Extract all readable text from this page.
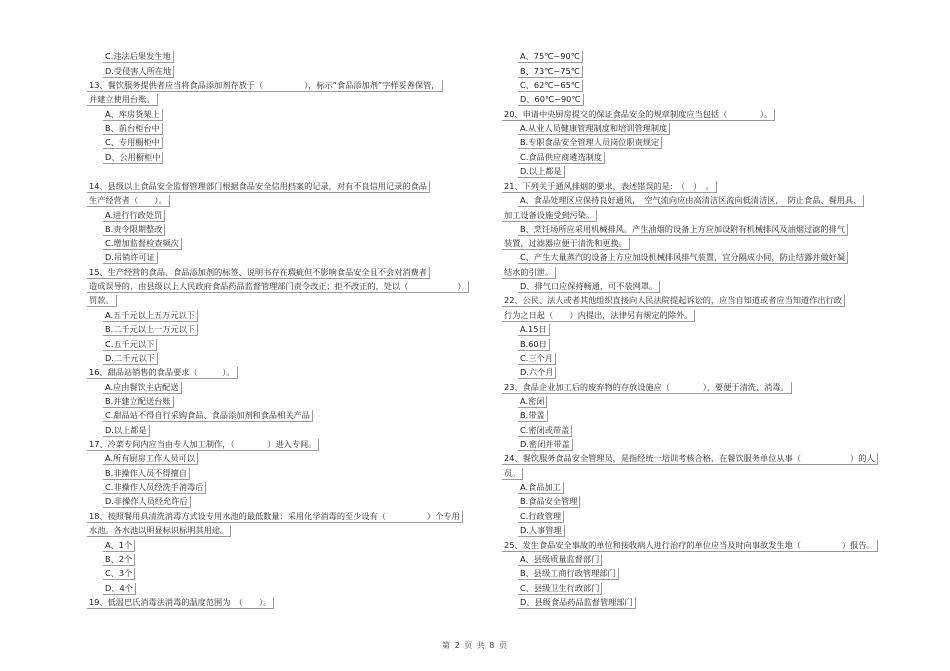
C.违法后果发生地
D.受侵害人所在地
13、餐饮服务提供者应当将食品添加剂存放于（　　　　　），标示“食品添加剂”字样妥善保管，
并建立使用台账。
A、库房货架上
B、前台柜台中
C、专用橱柜中
D、公用橱柜中
14、县级以上食品安全监督管理部门根据食品安全信用档案的记录，对有不良信用记录的食品
生产经营者（　　）。
A.进行行政处罚
B.责令限期整改
C.增加监督检查频次
D.吊销许可证
15、生产经营的食品、食品添加剂的标签、说明书存在瑕疵但不影响食品安全且不会对消费者
造成误导的，由县级以上人民政府食品药品监督管理部门责令改正；拒不改正的，处以（　　　　　　）
罚款。
A.五千元以上五万元以下
B.二千元以上一万元以下
C.五千元以下
D.二千元以下
16、甜品站销售的食品要求（　　　）。
A.应由餐饮主店配送
B.并建立配送台账
C.甜品站不得自行采购食品、食品添加剂和食品相关产品
D.以上都是
17、冷菜专间内应当由专人加工制作，（　　　　）进入专间。
A.所有厨房工作人员可以
B.非操作人员不得擅自
C.非操作人员经洗手消毒后
D.非操作人员经允许后
18、按照餐用具清洗消毒方式设专用水池的最低数量：采用化学消毒的至少设有（　　　　　）个专用
水池。各水池以明显标识标明其用途。
A、1个
B、2个
C、3个
D、4个
19、低温巴氏消毒法消毒的温度范围为　（　　）。
A、75℃~90℃
B、73℃~75℃
C、62℃~65℃
D、60℃~90℃
20、申请中央厨房提交的保证食品安全的规章制度应当包括（　　　　）。
A.从业人员健康管理制度和培训管理制度
B.专职食品安全管理人员岗位职责规定
C.食品供应商遴选制度
D.以上都是
21、下列关于通风排烟的要求，表述错误的是:　（　）　。
A、食品处理区应保持良好通风，　空气流向应由高清洁区流向低清洁区，　防止食品、餐用具、
加工设备设施受到污染。
B、烹饪场所应采用机械排风。产生油烟的设备上方应加设附有机械排风及油烟过滤的排气
装置，过滤器应便于清洗和更换。
C、产生大量蒸汽的设备上方应加设机械排风排气装置，宜分隔成小间，防止结露并做好凝
结水的引泄。
D、排气口应保持畅通，可不装网罩。
22、公民、法人或者其他组织直接向人民法院提起诉讼的，应当自知道或者应当知道作出行政
行为之日起（　　）内提出，法律另有规定的除外。
A.15日
B.60日
C.三个月
D.六个月
23、食品企业加工后的废弃物的存放设施应（　　　　），要便于清洗、消毒。
A.密闭
B.带盖
C.密闭或带盖
D.密闭并带盖
24、餐饮服务食品安全管理员，是指经统一培训考核合格，在餐饮服务单位从事（　　　　　　）的人
员。
A.食品加工
B.食品安全管理
C.行政管理
D.人事管理
25、发生食品安全事故的单位和接收病人进行治疗的单位应当及时向事故发生地（　　　　　）报告。
A、县级质量监督部门
B、县级工商行政管理部门
C、县级卫生行政部门
D、县级食品药品监督管理部门
第 2 页 共 8 页
